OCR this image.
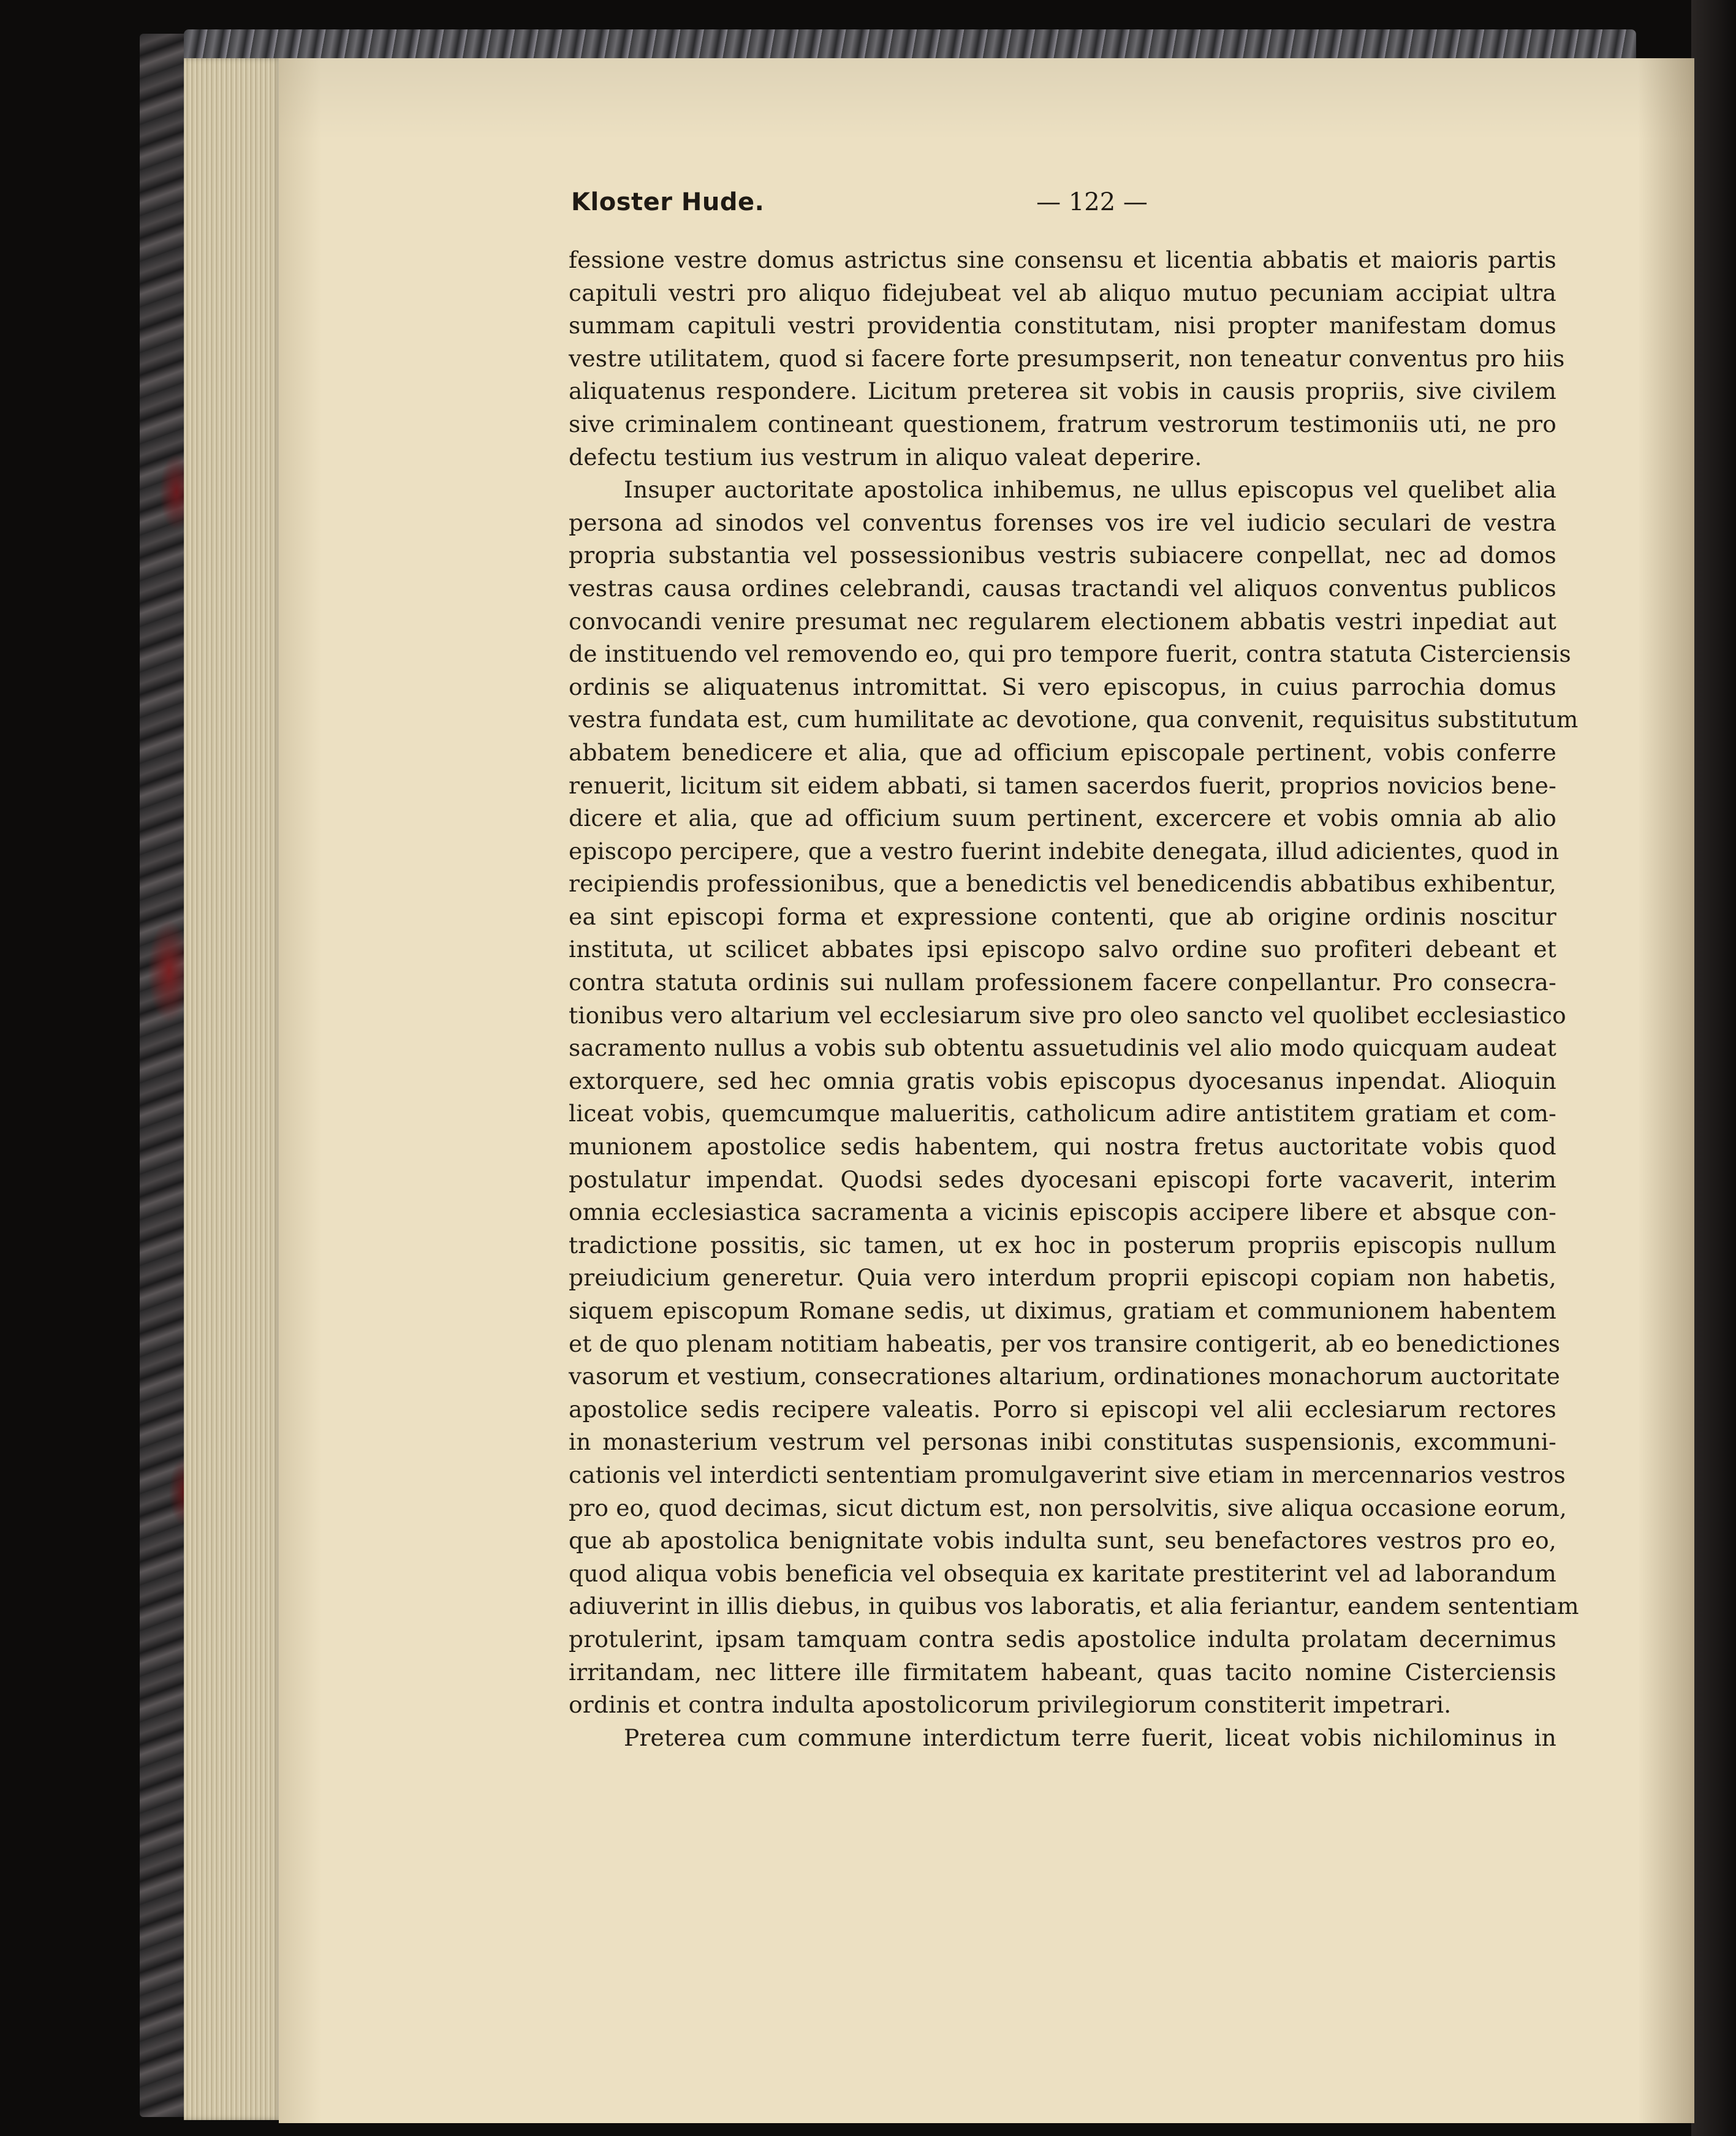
Kloster Hude.	— 122 —
fessione vestre domus astrictus sine consensu et licentia abbatis et maioris partis
capituli vestri pro aliquo fidejubeat vel ab aliquo mutuo pecuniam accipiat ultra
summam capituli vestri providentia constitutam, nisi propter manifestam domus
vestre utilitatem, quod si facere forte presumpserit, non teneatur conventus pro hiis
aliquatenus respondere. Licitum preterea sit vobis in causis propriis, sive civilem
sive criminalem contineant questionem, fratrum vestrorum testimoniis uti, ne pro
defectu testium ius vestrum in aliquo valeat deperire.
Insuper auctoritate apostolica inhibemus, ne ullus episcopus vel quelibet alia
persona ad sinodos vel conventus forenses vos ire vel iudicio seculari de vestra
propria substantia vel possessionibus vestris subiacere conpellat, nec ad domos
vestras causa ordines celebrandi, causas tractandi vel aliquos conventus publicos
convocandi venire presumat nec regularem electionem abbatis vestri inpediat aut
de instituendo vel removendo eo, qui pro tempore fuerit, contra statuta Cisterciensis
ordinis se aliquatenus intromittat. Si vero episcopus, in cuius parrochia domus
vestra fundata est, cum humilitate ac devotione, qua convenit, requisitus substitutum
abbatem benedicere et alia, que ad officium episcopale pertinent, vobis conferre
renuerit, licitum sit eidem abbati, si tamen sacerdos fuerit, proprios novicios bene-
dicere et alia, que ad officium suum pertinent, excercere et vobis omnia ab alio
episcopo percipere, que a vestro fuerint indebite denegata, illud adicientes, quod in
recipiendis professionibus, que a benedictis vel benedicendis abbatibus exhibentur,
ea sint episcopi forma et expressione contenti, que ab origine ordinis noscitur
instituta, ut scilicet abbates ipsi episcopo salvo ordine suo profiteri debeant et
contra statuta ordinis sui nullam professionem facere conpellantur. Pro consecra-
tionibus vero altarium vel ecclesiarum sive pro oleo sancto vel quolibet ecclesiastico
sacramento nullus a vobis sub obtentu assuetudinis vel alio modo quicquam audeat
extorquere, sed hec omnia gratis vobis episcopus dyocesanus inpendat. Alioquin
liceat vobis, quemcumque malueritis, catholicum adire antistitem gratiam et com-
munionem apostolice sedis habentem, qui nostra fretus auctoritate vobis quod
postulatur impendat. Quodsi sedes dyocesani episcopi forte vacaverit, interim
omnia ecclesiastica sacramenta a vicinis episcopis accipere libere et absque con-
tradictione possitis, sic tamen, ut ex hoc in posterum propriis episcopis nullum
preiudicium generetur. Quia vero interdum proprii episcopi copiam non habetis,
siquem episcopum Romane sedis, ut diximus, gratiam et communionem habentem
et de quo plenam notitiam habeatis, per vos transire contigerit, ab eo benedictiones
vasorum et vestium, consecrationes altarium, ordinationes monachorum auctoritate
apostolice sedis recipere valeatis. Porro si episcopi vel alii ecclesiarum rectores
in monasterium vestrum vel personas inibi constitutas suspensionis, excommuni-
cationis vel interdicti sententiam promulgaverint sive etiam in mercennarios vestros
pro eo, quod decimas, sicut dictum est, non persolvitis, sive aliqua occasione eorum,
que ab apostolica benignitate vobis indulta sunt, seu benefactores vestros pro eo,
quod aliqua vobis beneficia vel obsequia ex karitate prestiterint vel ad laborandum
adiuverint in illis diebus, in quibus vos laboratis, et alia feriantur, eandem sententiam
protulerint, ipsam tamquam contra sedis apostolice indulta prolatam decernimus
irritandam, nec littere ille firmitatem habeant, quas tacito nomine Cisterciensis
ordinis et contra indulta apostolicorum privilegiorum constiterit impetrari.
Preterea cum commune interdictum terre fuerit, liceat vobis nichilominus in
